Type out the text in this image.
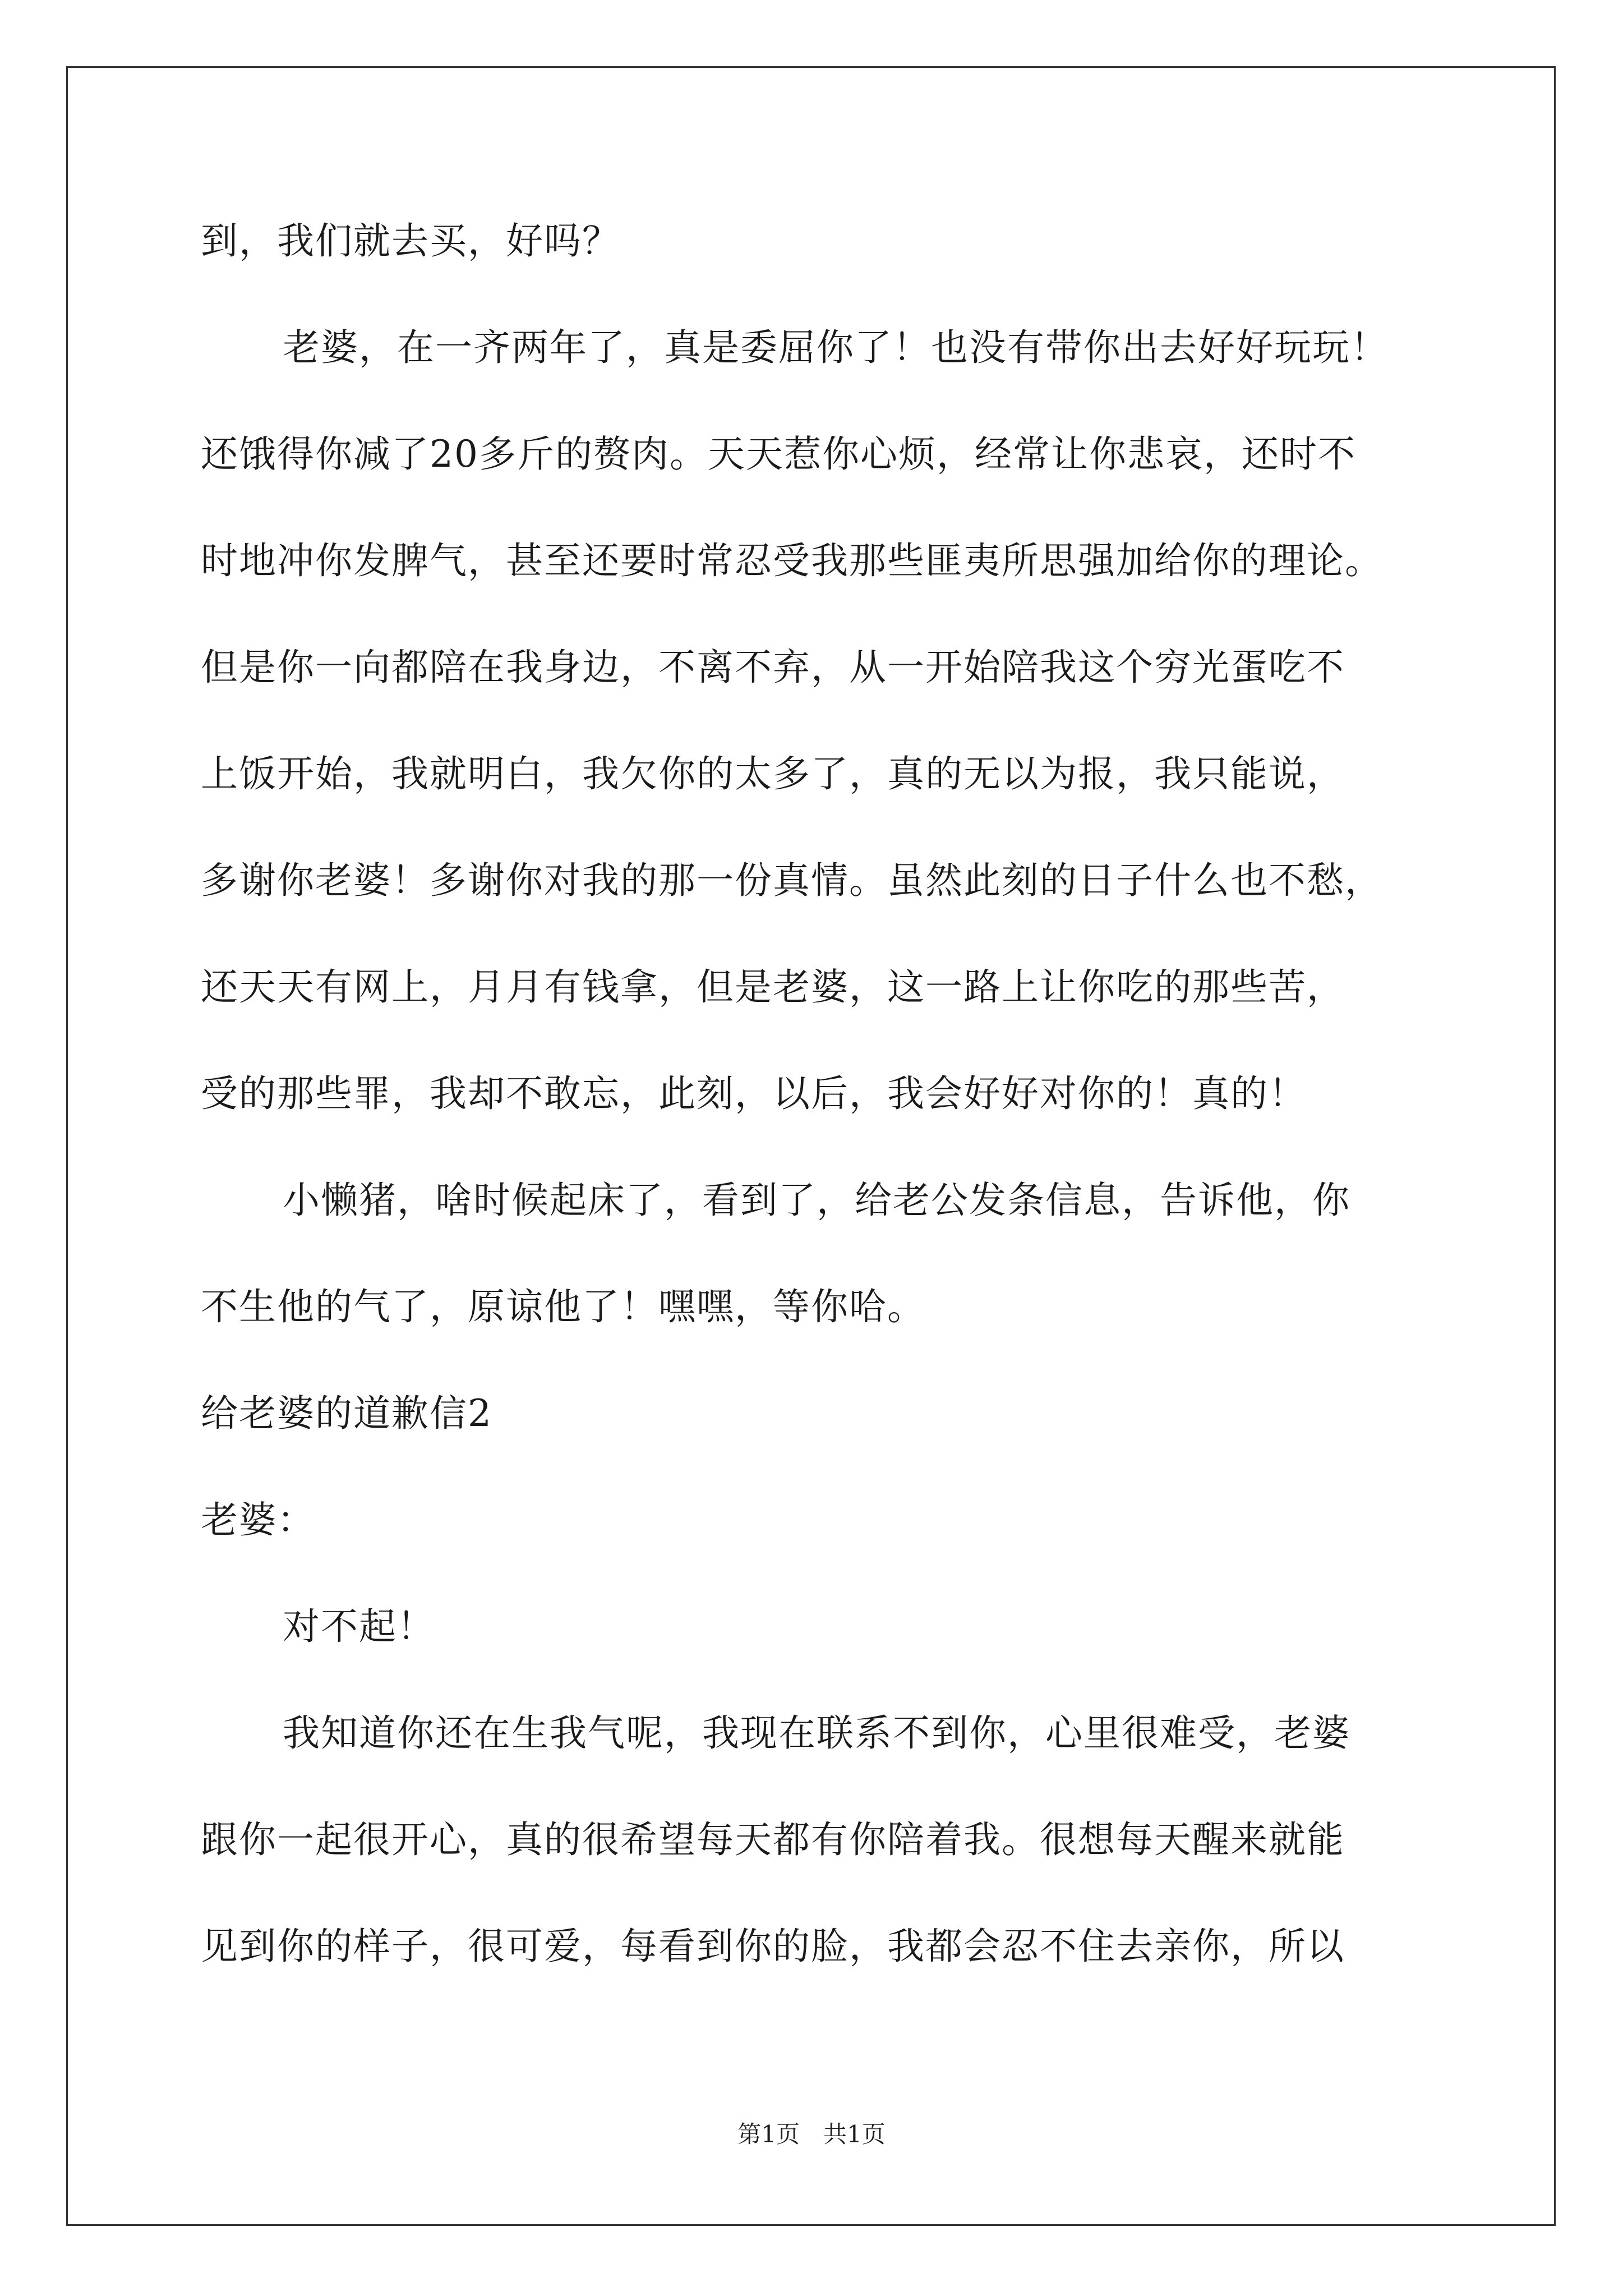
到，我们就去买，好吗？
老婆，在一齐两年了，真是委屈你了！也没有带你出去好好玩玩！
还饿得你减了20多斤的赘肉。天天惹你心烦，经常让你悲哀，还时不
时地冲你发脾气，甚至还要时常忍受我那些匪夷所思强加给你的理论。
但是你一向都陪在我身边，不离不弃，从一开始陪我这个穷光蛋吃不
上饭开始，我就明白，我欠你的太多了，真的无以为报，我只能说，
多谢你老婆！多谢你对我的那一份真情。虽然此刻的日子什么也不愁，
还天天有网上，月月有钱拿，但是老婆，这一路上让你吃的那些苦，
受的那些罪，我却不敢忘，此刻，以后，我会好好对你的！真的！
小懒猪，啥时候起床了，看到了，给老公发条信息，告诉他，你
不生他的气了，原谅他了！嘿嘿，等你哈。
给老婆的道歉信2
老婆：
对不起！
我知道你还在生我气呢，我现在联系不到你，心里很难受，老婆
跟你一起很开心，真的很希望每天都有你陪着我。很想每天醒来就能
见到你的样子，很可爱，每看到你的脸，我都会忍不住去亲你，所以
第1页　共1页
